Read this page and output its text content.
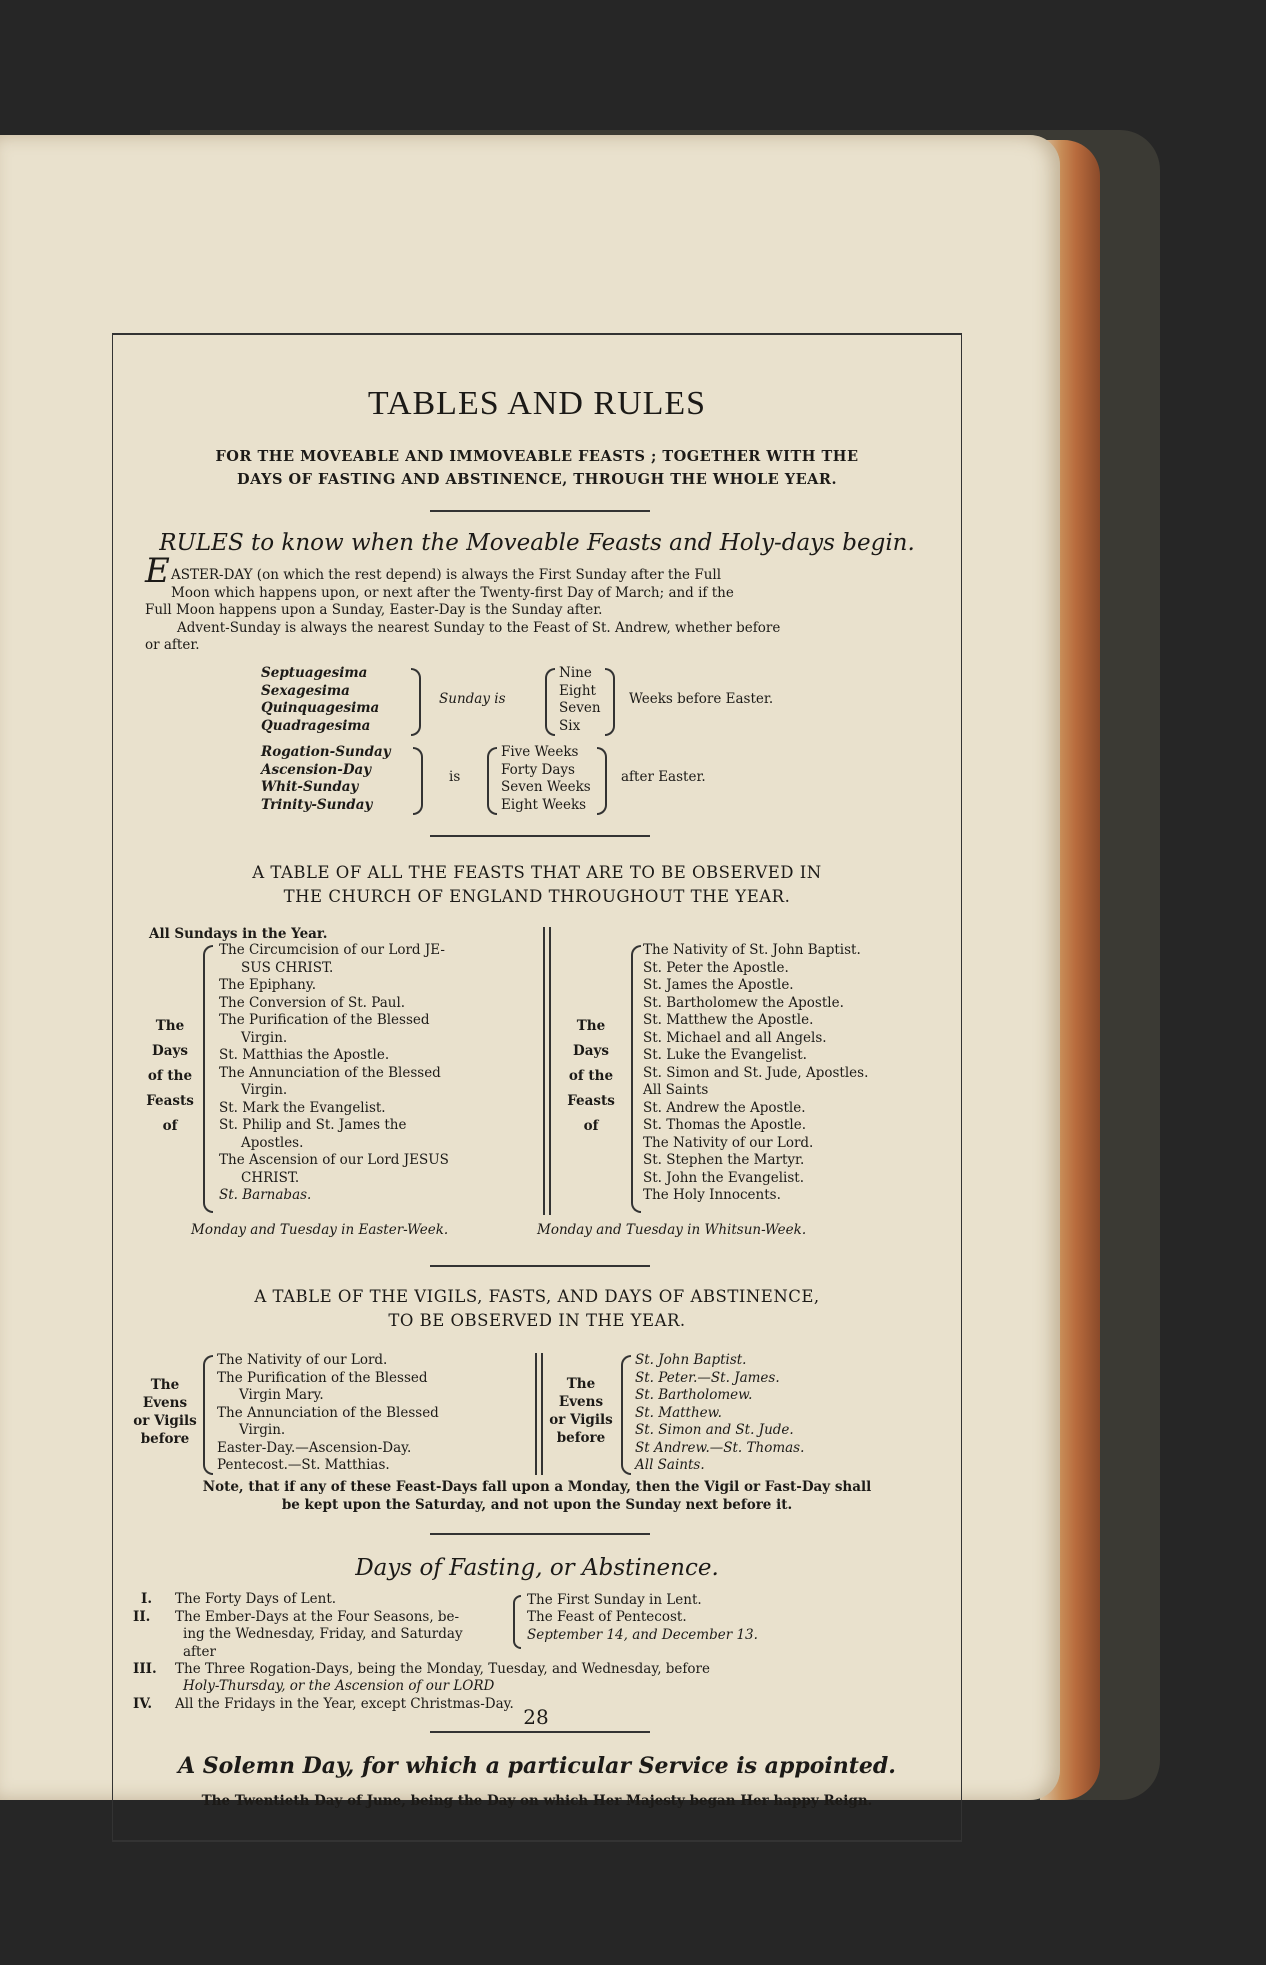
TABLES AND RULES
FOR THE MOVEABLE AND IMMOVEABLE FEASTS ; TOGETHER WITH THE
DAYS OF FASTING AND ABSTINENCE, THROUGH THE WHOLE YEAR.
RULES to know when the Moveable Feasts and Holy-days begin.
E ASTER-DAY (on which the rest depend) is always the First Sunday after the Full
Moon which happens upon, or next after the Twenty-first Day of March; and if the
Full Moon happens upon a Sunday, Easter-Day is the Sunday after.
Advent-Sunday is always the nearest Sunday to the Feast of St. Andrew, whether before
or after.
Septuagesima
Sexagesima
Quinquagesima
Quadragesima
Sunday is
Nine
Eight
Seven
Six
Weeks before Easter.
Rogation-Sunday
Ascension-Day
Whit-Sunday
Trinity-Sunday
is
Five Weeks
Forty Days
Seven Weeks
Eight Weeks
after Easter.
A TABLE OF ALL THE FEASTS THAT ARE TO BE OBSERVED IN
THE CHURCH OF ENGLAND THROUGHOUT THE YEAR.
All Sundays in the Year.
The
Days
of the
Feasts
of
The Circumcision of our Lord JE-
SUS CHRIST.
The Epiphany.
The Conversion of St. Paul.
The Purification of the Blessed
Virgin.
St. Matthias the Apostle.
The Annunciation of the Blessed
Virgin.
St. Mark the Evangelist.
St. Philip and St. James the
Apostles.
The Ascension of our Lord JESUS
CHRIST.
St. Barnabas.
The
Days
of the
Feasts
of
The Nativity of St. John Baptist.
St. Peter the Apostle.
St. James the Apostle.
St. Bartholomew the Apostle.
St. Matthew the Apostle.
St. Michael and all Angels.
St. Luke the Evangelist.
St. Simon and St. Jude, Apostles.
All Saints
St. Andrew the Apostle.
St. Thomas the Apostle.
The Nativity of our Lord.
St. Stephen the Martyr.
St. John the Evangelist.
The Holy Innocents.
Monday and Tuesday in Easter-Week.	Monday and Tuesday in Whitsun-Week.
A TABLE OF THE VIGILS, FASTS, AND DAYS OF ABSTINENCE,
TO BE OBSERVED IN THE YEAR.
The
Evens
or Vigils
before
The Nativity of our Lord.
The Purification of the Blessed
Virgin Mary.
The Annunciation of the Blessed
Virgin.
Easter-Day.—Ascension-Day.
Pentecost.—St. Matthias.
The
Evens
or Vigils
before
St. John Baptist.
St. Peter.—St. James.
St. Bartholomew.
St. Matthew.
St. Simon and St. Jude.
St Andrew.—St. Thomas.
All Saints.
Note, that if any of these Feast-Days fall upon a Monday, then the Vigil or Fast-Day shall
be kept upon the Saturday, and not upon the Sunday next before it.
Days of Fasting, or Abstinence.
I. The Forty Days of Lent.
II. The Ember-Days at the Four Seasons, be-
ing the Wednesday, Friday, and Saturday
after
The First Sunday in Lent.
The Feast of Pentecost.
September 14, and December 13.
III. The Three Rogation-Days, being the Monday, Tuesday, and Wednesday, before
Holy-Thursday, or the Ascension of our LORD
IV. All the Fridays in the Year, except Christmas-Day.
A Solemn Day, for which a particular Service is appointed.
The Twentieth Day of June, being the Day on which Her Majesty began Her happy Reign.
28
